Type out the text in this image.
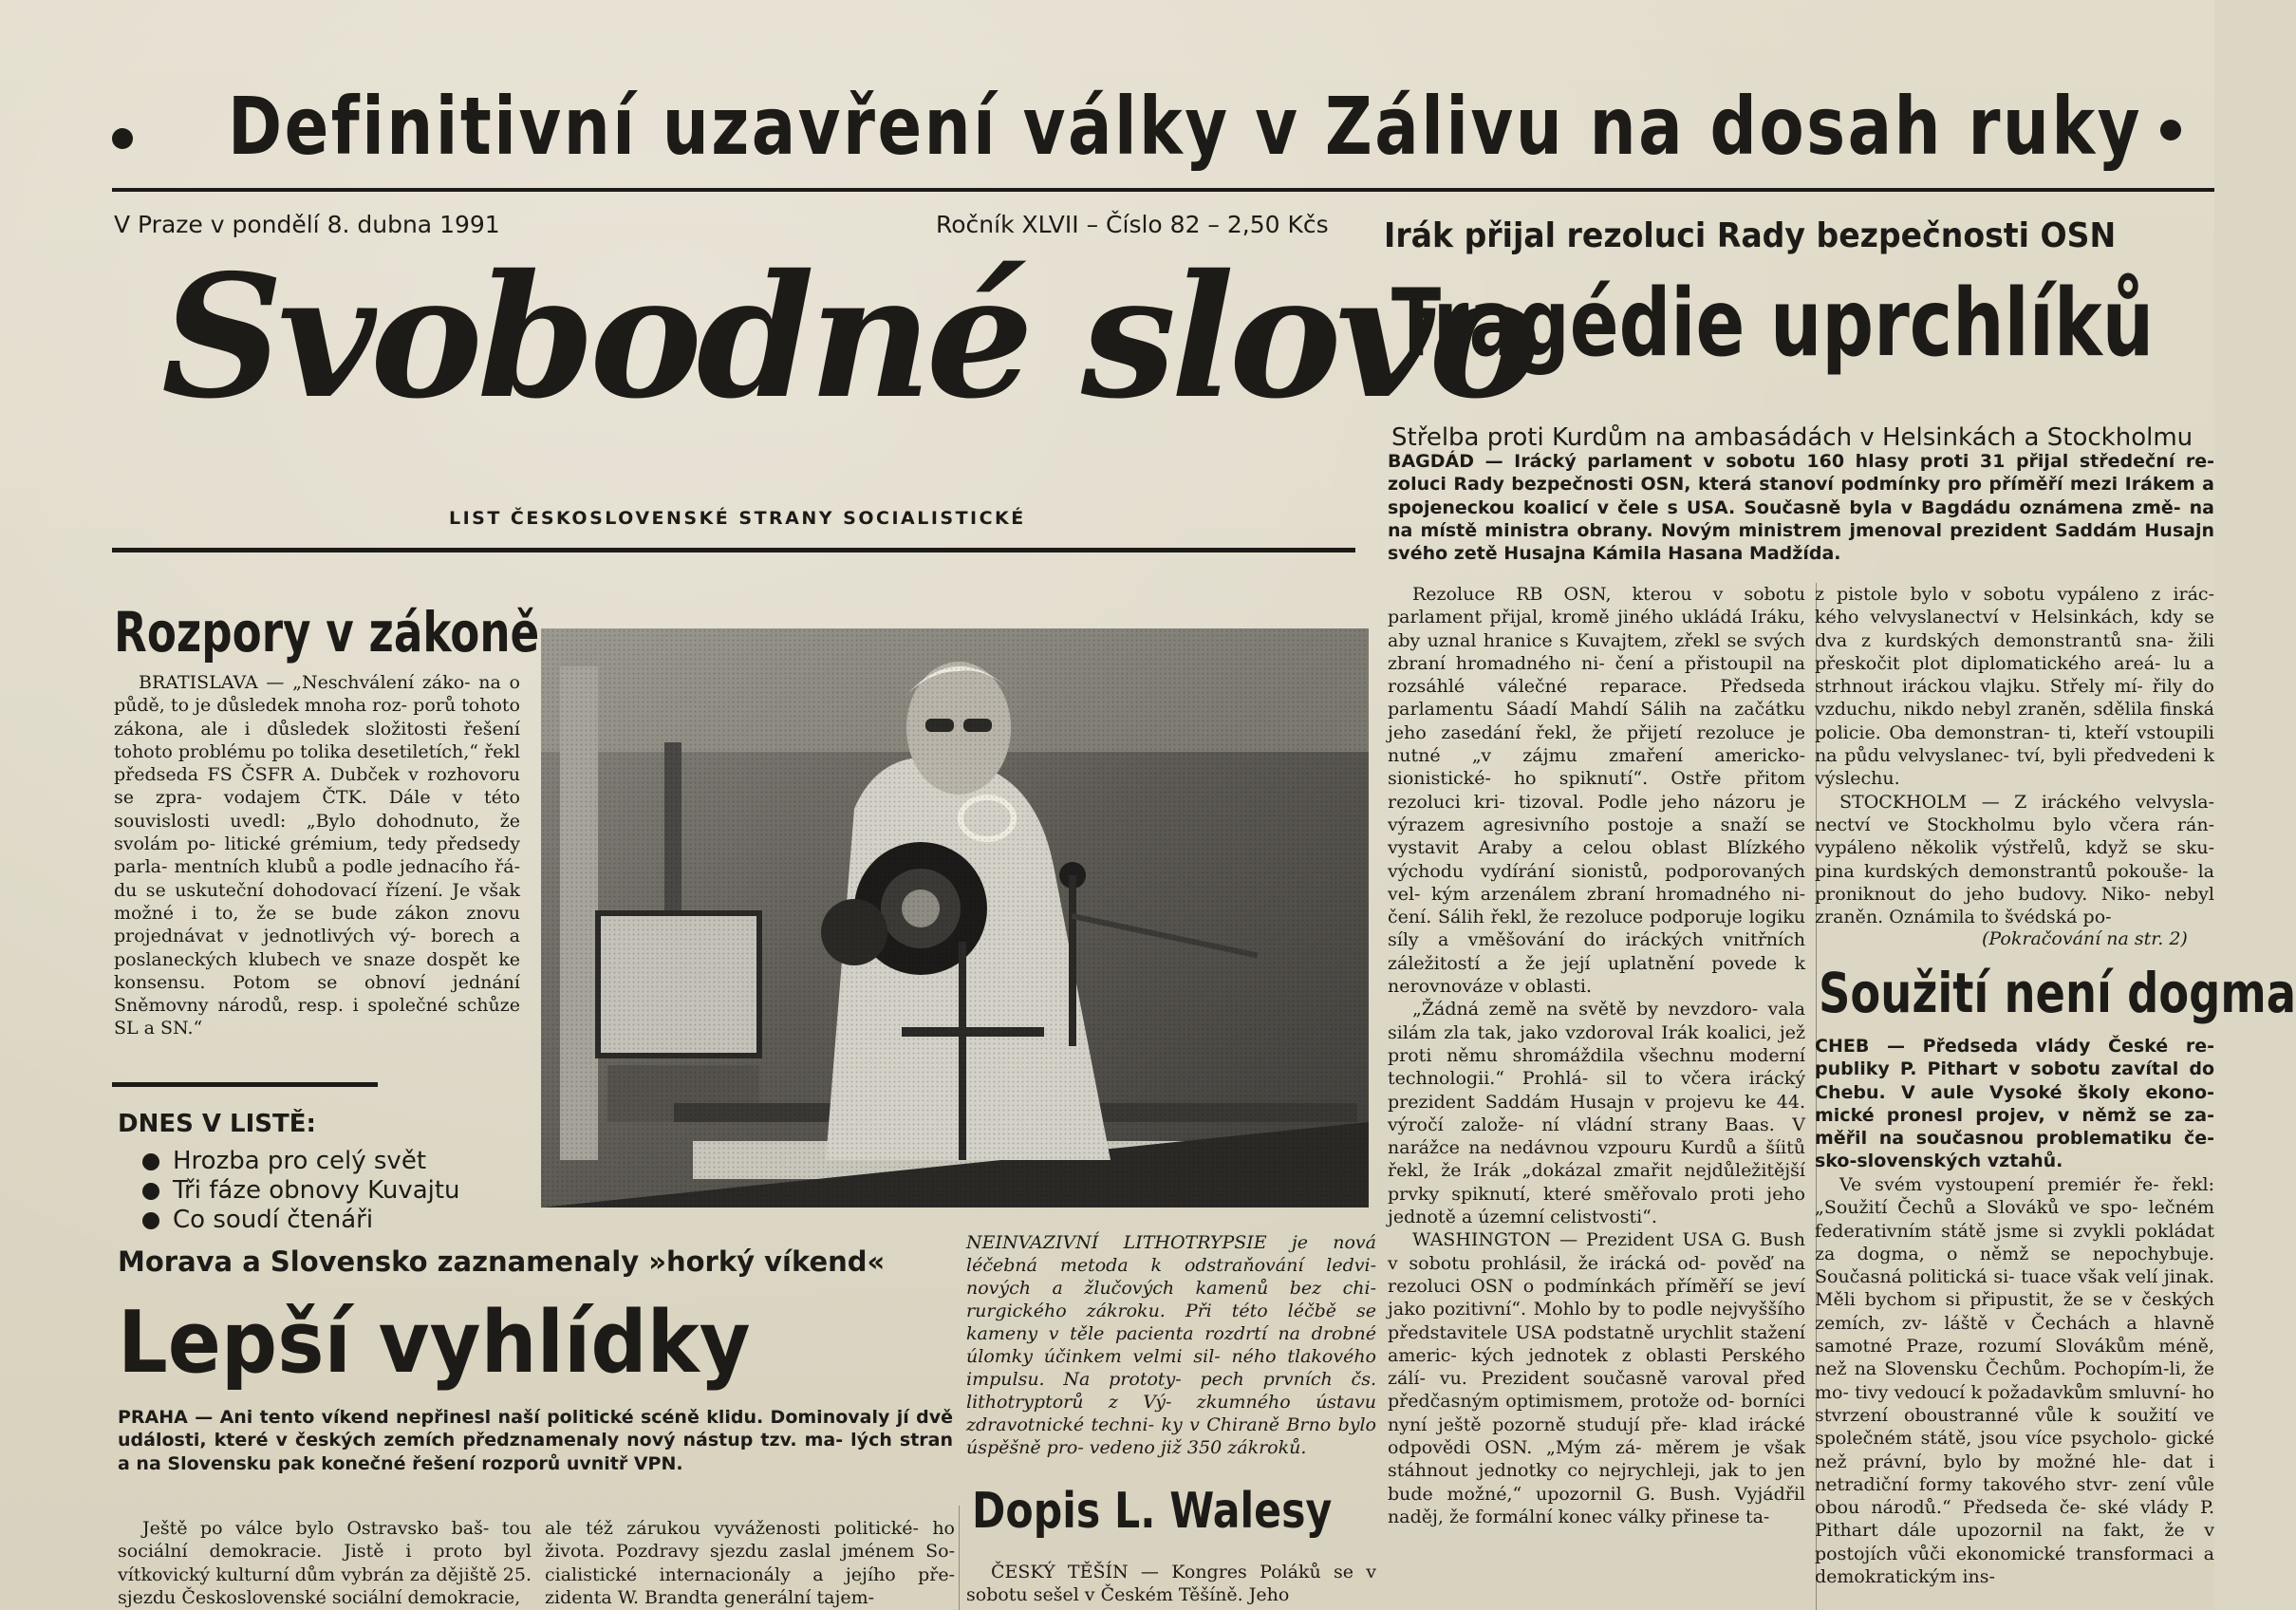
Definitivní uzavření války v Zálivu na dosah ruky
V Praze v pondělí 8. dubna 1991	Ročník XLVII – Číslo 82 – 2,50 Kčs
Svobodné slovo
LIST ČESKOSLOVENSKÉ STRANY SOCIALISTICKÉ
Irák přijal rezoluci Rady bezpečnosti OSN
Tragédie uprchlíků
Střelba proti Kurdům na ambasádách v Helsinkách a Stockholmu
BAGDÁD — Irácký parlament v sobotu 160 hlasy proti 31 přijal středeční re- zoluci Rady bezpečnosti OSN, která stanoví podmínky pro příměří mezi Irákem a spojeneckou koalicí v čele s USA. Současně byla v Bagdádu oznámena změ- na na místě ministra obrany. Novým ministrem jmenoval prezident Saddám Husajn svého zetě Husajna Kámila Hasana Madžída.

Rezoluce RB OSN, kterou v sobotu parlament přijal, kromě jiného ukládá Iráku, aby uznal hranice s Kuvajtem, zřekl se svých zbraní hromadného ni- čení a přistoupil na rozsáhlé válečné reparace. Předseda parlamentu Sáadí Mahdí Sálih na začátku jeho zasedání řekl, že přijetí rezoluce je nutné „v zájmu zmaření americko-sionistické- ho spiknutí“. Ostře přitom rezoluci kri- tizoval. Podle jeho názoru je výrazem agresivního postoje a snaží se vystavit Araby a celou oblast Blízkého východu vydírání sionistů, podporovaných vel- kým arzenálem zbraní hromadného ni- čení. Sálih řekl, že rezoluce podporuje logiku síly a vměšování do iráckých vnitřních záležitostí a že její uplatnění povede k nerovnováze v oblasti.

„Žádná země na světě by nevzdoro- vala silám zla tak, jako vzdoroval Irák koalici, jež proti němu shromáždila všechnu moderní technologii.“ Prohlá- sil to včera irácký prezident Saddám Husajn v projevu ke 44. výročí založe- ní vládní strany Baas. V narážce na nedávnou vzpouru Kurdů a šíitů řekl, že Irák „dokázal zmařit nejdůležitější prvky spiknutí, které směřovalo proti jeho jednotě a územní celistvosti“.

WASHINGTON — Prezident USA G. Bush v sobotu prohlásil, že irácká od- pověď na rezoluci OSN o podmínkách příměří se jeví jako pozitivní“. Mohlo by to podle nejvyššího představitele USA podstatně urychlit stažení americ- kých jednotek z oblasti Perského zálí- vu. Prezident současně varoval před předčasným optimismem, protože od- borníci nyní ještě pozorně studují pře- klad irácké odpovědi OSN. „Mým zá- měrem je však stáhnout jednotky co nejrychleji, jak to jen bude možné,“ upozornil G. Bush. Vyjádřil naděj, že formální konec války přinese ta-

z pistole bylo v sobotu vypáleno z irác- kého velvyslanectví v Helsinkách, kdy se dva z kurdských demonstrantů sna- žili přeskočit plot diplomatického areá- lu a strhnout iráckou vlajku. Střely mí- řily do vzduchu, nikdo nebyl zraněn, sdělila finská policie. Oba demonstran- ti, kteří vstoupili na půdu velvyslanec- tví, byli předvedeni k výslechu.

STOCKHOLM — Z iráckého velvysla- nectví ve Stockholmu bylo včera rán- vypáleno několik výstřelů, když se sku- pina kurdských demonstrantů pokouše- la proniknout do jeho budovy. Niko- nebyl zraněn. Oznámila to švédská po-

(Pokračování na str. 2)
Soužití není dogma
CHEB — Předseda vlády České re- publiky P. Pithart v sobotu zavítal do Chebu. V aule Vysoké školy ekono- mické pronesl projev, v němž se za- měřil na současnou problematiku če- sko-slovenských vztahů.

Ve svém vystoupení premiér ře- řekl: „Soužití Čechů a Slováků ve spo- lečném federativním státě jsme si zvykli pokládat za dogma, o němž se nepochybuje. Současná politická si- tuace však velí jinak. Měli bychom si připustit, že se v českých zemích, zv- láště v Čechách a hlavně samotné Praze, rozumí Slovákům méně, než na Slovensku Čechům. Pochopím-li, že mo- tivy vedoucí k požadavkům smluvní- ho stvrzení oboustranné vůle k soužití ve společném státě, jsou více psycholo- gické než právní, bylo by možné hle- dat i netradiční formy takového stvr- zení vůle obou národů.“ Předseda če- ské vlády P. Pithart dále upozornil na fakt, že v postojích vůči ekonomické transformaci a demokratickým ins-

Rozpory v zákoně

BRATISLAVA — „Neschválení záko- na o půdě, to je důsledek mnoha roz- porů tohoto zákona, ale i důsledek složitosti řešení tohoto problému po tolika desetiletích,“ řekl předseda FS ČSFR A. Dubček v rozhovoru se zpra- vodajem ČTK. Dále v této souvislosti uvedl: „Bylo dohodnuto, že svolám po- litické grémium, tedy předsedy parla- mentních klubů a podle jednacího řá- du se uskuteční dohodovací řízení. Je však možné i to, že se bude zákon znovu projednávat v jednotlivých vý- borech a poslaneckých klubech ve snaze dospět ke konsensu. Potom se obnoví jednání Sněmovny národů, resp. i společné schůze SL a SN.“

DNES V LISTĚ:
Hrozba pro celý svět
Tři fáze obnovy Kuvajtu
Co soudí čtenáři
Morava a Slovensko zaznamenaly »horký víkend«
Lepší vyhlídky
PRAHA — Ani tento víkend nepřinesl naší politické scéně klidu. Dominovaly jí dvě události, které v českých zemích předznamenaly nový nástup tzv. ma- lých stran a na Slovensku pak konečné řešení rozporů uvnitř VPN.

Ještě po válce bylo Ostravsko baš- tou sociální demokracie. Jistě i proto byl vítkovický kulturní dům vybrán za dějiště 25. sjezdu Československé sociální demokracie,

ale též zárukou vyváženosti politické- ho života. Pozdravy sjezdu zaslal jménem So- cialistické internacionály a jejího pře- zidenta W. Brandta generální tajem-

NEINVAZIVNÍ LITHOTRYPSIE je nová léčebná metoda k odstraňování ledvi- nových a žlučových kamenů bez chi- rurgického zákroku. Při této léčbě se kameny v těle pacienta rozdrtí na drobné úlomky účinkem velmi sil- ného tlakového impulsu. Na prototy- pech prvních čs. lithotryptorů z Vý- zkumného ústavu zdravotnické techni- ky v Chiraně Brno bylo úspěšně pro- vedeno již 350 zákroků.
Dopis L. Walesy

ČESKÝ TĚŠÍN — Kongres Poláků se v sobotu sešel v Českém Těšíně. Jeho
